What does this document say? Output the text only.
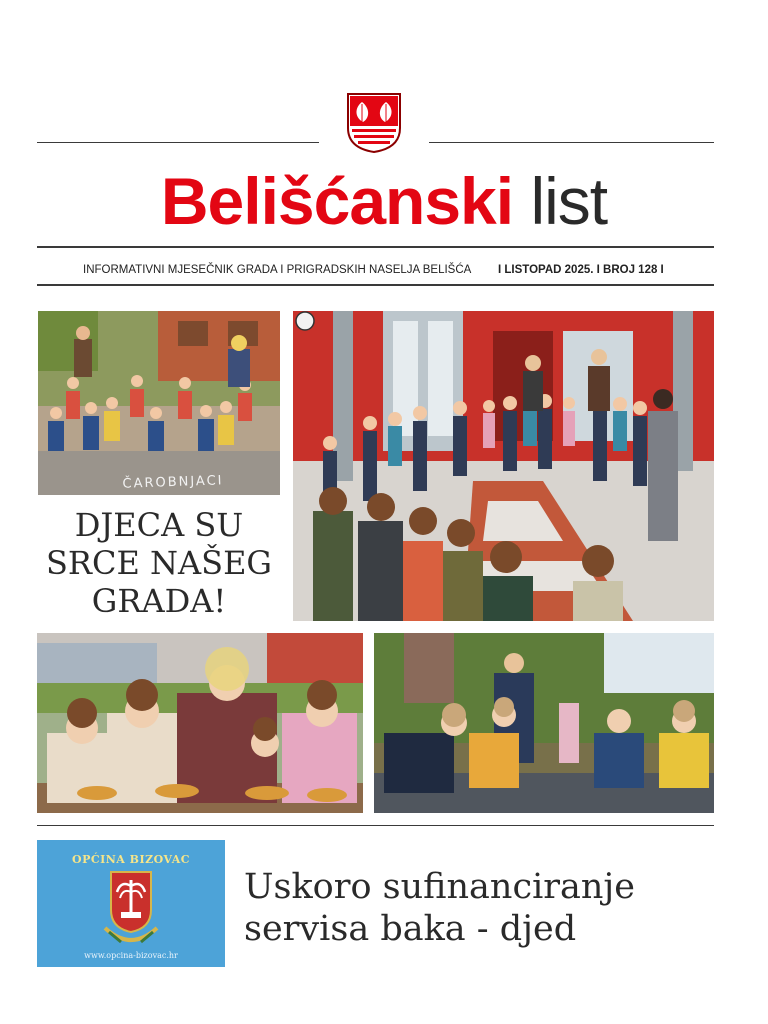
Belišćanski list
INFORMATIVNI MJESEČNIK GRADA I PRIGRADSKIH NASELJA BELIŠĆA I LISTOPAD 2025. I BROJ 128 I
ČAROBNJACI
DJECA SU SRCE NAŠEG GRADA!
OPĆINA BIZOVAC
www.opcina-bizovac.hr
Uskoro sufinanciranje servisa baka - djed
